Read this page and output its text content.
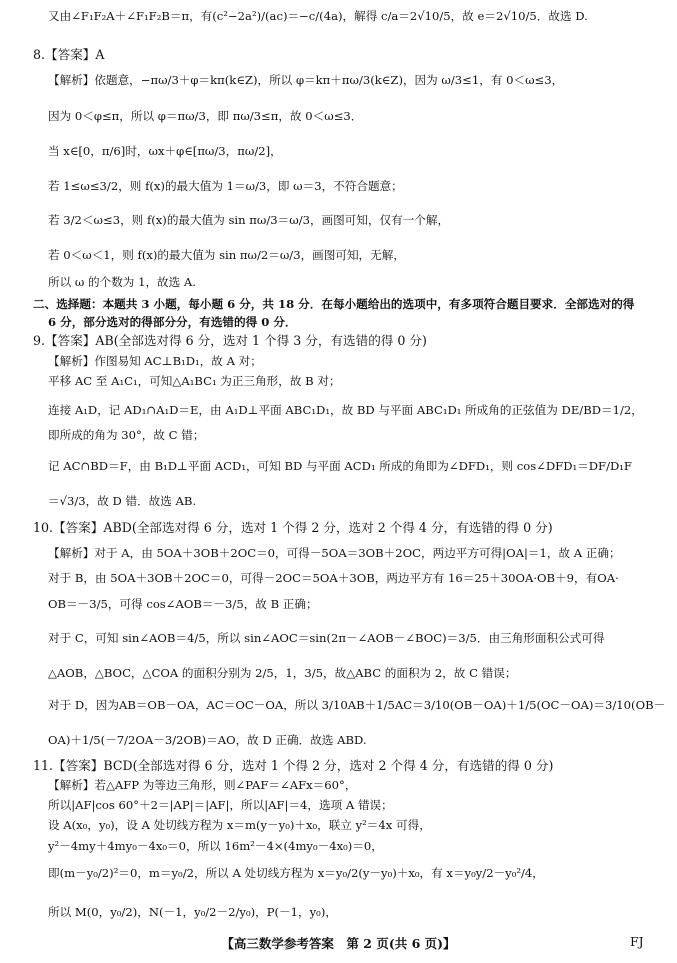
又由∠F₁F₂A＋∠F₁F₂B＝π，有(c²−2a²)/(ac)＝−c/(4a)，解得 c/a＝2√10/5，故 e＝2√10/5．故选 D.
8.【答案】A
【解析】依题意，−πω/3＋φ＝kπ(k∈Z)，所以 φ＝kπ＋πω/3(k∈Z)，因为 ω/3≤1，有 0＜ω≤3，
因为 0＜φ≤π，所以 φ＝πω/3，即 πω/3≤π，故 0＜ω≤3．
当 x∈[0，π/6]时，ωx＋φ∈[πω/3，πω/2]，
若 1≤ω≤3/2，则 f(x)的最大值为 1＝ω/3，即 ω＝3，不符合题意；
若 3/2＜ω≤3，则 f(x)的最大值为 sin πω/3＝ω/3，画图可知，仅有一个解，
若 0＜ω＜1，则 f(x)的最大值为 sin πω/2＝ω/3，画图可知，无解，
所以 ω 的个数为 1，故选 A.
二、选择题：本题共 3 小题，每小题 6 分，共 18 分．在每小题给出的选项中，有多项符合题目要求．全部选对的得
6 分，部分选对的得部分分，有选错的得 0 分．
9.【答案】AB(全部选对得 6 分，选对 1 个得 3 分，有选错的得 0 分)
【解析】作图易知 AC⊥B₁D₁，故 A 对；
平移 AC 至 A₁C₁，可知△A₁BC₁ 为正三角形，故 B 对；
连接 A₁D，记 AD₁∩A₁D＝E，由 A₁D⊥平面 ABC₁D₁，故 BD 与平面 ABC₁D₁ 所成角的正弦值为 DE/BD＝1/2，
即所成的角为 30°，故 C 错；
记 AC∩BD＝F，由 B₁D⊥平面 ACD₁，可知 BD 与平面 ACD₁ 所成的角即为∠DFD₁，则 cos∠DFD₁＝DF/D₁F
＝√3/3，故 D 错．故选 AB.
10.【答案】ABD(全部选对得 6 分，选对 1 个得 2 分，选对 2 个得 4 分，有选错的得 0 分)
【解析】对于 A，由 5OA＋3OB＋2OC＝0，可得－5OA＝3OB＋2OC，两边平方可得|OA|＝1，故 A 正确；
对于 B，由 5OA＋3OB＋2OC＝0，可得－2OC＝5OA＋3OB，两边平方有 16＝25＋30OA·OB＋9，有OA·
OB＝－3/5，可得 cos∠AOB＝－3/5，故 B 正确；
对于 C，可知 sin∠AOB＝4/5，所以 sin∠AOC＝sin(2π－∠AOB－∠BOC)＝3/5．由三角形面积公式可得
△AOB，△BOC，△COA 的面积分别为 2/5，1，3/5，故△ABC 的面积为 2，故 C 错误；
对于 D，因为AB＝OB－OA，AC＝OC－OA，所以 3/10AB＋1/5AC＝3/10(OB－OA)＋1/5(OC－OA)＝3/10(OB－
OA)＋1/5(－7/2OA－3/2OB)＝AO，故 D 正确．故选 ABD.
11.【答案】BCD(全部选对得 6 分，选对 1 个得 2 分，选对 2 个得 4 分，有选错的得 0 分)
【解析】若△AFP 为等边三角形，则∠PAF＝∠AFx＝60°，
所以|AF|cos 60°＋2＝|AP|＝|AF|，所以|AF|＝4，选项 A 错误；
设 A(x₀，y₀)，设 A 处切线方程为 x＝m(y－y₀)＋x₀，联立 y²＝4x 可得，
y²－4my＋4my₀－4x₀＝0，所以 16m²－4×(4my₀－4x₀)＝0，
即(m－y₀/2)²＝0，m＝y₀/2，所以 A 处切线方程为 x＝y₀/2(y－y₀)＋x₀，有 x＝y₀y/2－y₀²/4，
所以 M(0，y₀/2)，N(－1，y₀/2－2/y₀)，P(－1，y₀)，
【高三数学参考答案　第 2 页(共 6 页)】	FJ
